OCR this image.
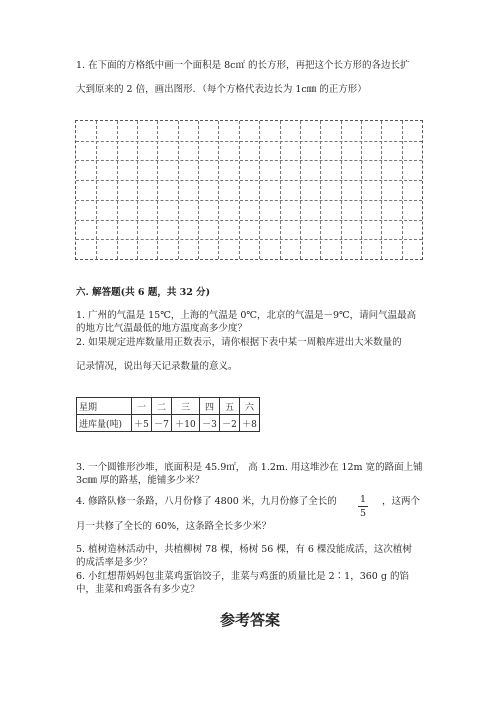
1. 在下面的方格纸中画一个面积是 8c㎡ 的长方形，再把这个长方形的各边长扩
大到原来的 2 倍，画出图形．（每个方格代表边长为 1c㎜ 的正方形）
六. 解答题(共 6 题，共 32 分)
1. 广州的气温是 15℃，上海的气温是 0℃，北京的气温是－9℃，请问气温最高
的地方比气温最低的地方温度高多少度？
2. 如果规定进库数量用正数表示，请你根据下表中某一周粮库进出大米数量的
记录情况，说出每天记录数量的意义。
星期	一	二	三	四	五	六
进库量(吨)	＋5	－7	＋10	－3	－2	＋8
3. 一个圆锥形沙堆，底面积是 45.9㎡， 高 1.2m. 用这堆沙在 12m 宽的路面上铺
3c㎜ 厚的路基，能铺多少米？
4. 修路队修一条路，八月份修了 4800 米，九月份修了全长的 1
5
，这两个
月一共修了全长的 60%，这条路全长多少米？
5. 植树造林活动中，共植柳树 78 棵，杨树 56 棵，有 6 棵没能成活，这次植树
的成活率是多少？
6. 小红想帮妈妈包韭菜鸡蛋馅饺子，韭菜与鸡蛋的质量比是 2∶1，360 g 的馅
中，韭菜和鸡蛋各有多少克？
参考答案
